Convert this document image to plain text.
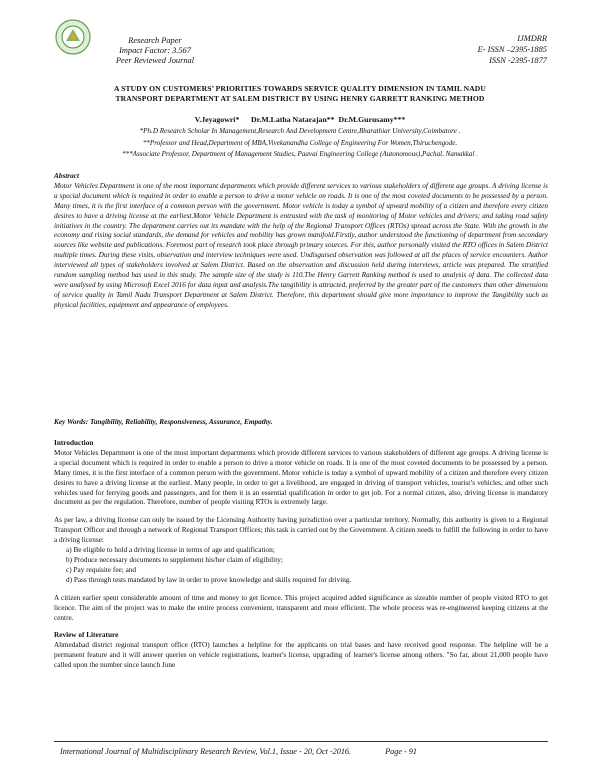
Research Paper
Impact Factor: 3.567
Peer Reviewed Journal
IJMDRR
E- ISSN –2395-1885
ISSN -2395-1877
A STUDY ON CUSTOMERS’ PRIORITIES TOWARDS SERVICE QUALITY DIMENSION IN TAMIL NADU
TRANSPORT DEPARTMENT AT SALEM DISTRICT BY USING HENRY GARRETT RANKING METHOD
V.Jeyagowri*      Dr.M.Latha Natarajan**  Dr.M.Gurusamy***
*Ph.D Research Scholar In Management,Research And Development Centre,Bharathiar University,Coimbatore .
**Professor and Head,Department of MBA,Vivekanandha College of Engineering For Women,Thiruchengode.
***Associate Professor, Department of Management Studies, Paavai Engineering College (Autonomous),Pachal, Namakkal .
Abstract

Motor Vehicles Department is one of the most important departments which provide different services to various stakeholders of different age groups. A driving license is a special document which is required in order to enable a person to drive a motor vehicle on roads. It is one of the most coveted documents to be possessed by a person. Many times, it is the first interface of a common person with the government. Motor vehicle is today a symbol of upward mobility of a citizen and therefore every citizen desires to have a driving license at the earliest.Motor Vehicle Department is entrusted with the task of monitoring of Motor vehicles and drivers; and taking road safety initiatives in the country. The department carries out its mandate with the help of the Regional Transport Offices (RTOs) spread across the State. With the growth in the economy and rising social standards, the demand for vehicles and mobility has grown manifold.Firstly, author understood the functioning of department from secondary sources like website and publications. Foremost part of research took place through primary sources. For this, author personally visited the RTO offices in Salem District multiple times. During these visits, observation and interview techniques were used. Undisguised observation was followed at all the places of service encounters. Author interviewed all types of stakeholders involved at Salem District. Based on the observation and discussion held during interviews, article was prepared. The stratified random sampling method has used in this study. The sample size of the study is 110.The Henry Garrett Ranking method is used to analysis of data. The collected data were analysed by using Microsoft Excel 2016 for data input and analysis.The tangibility is attracted, preferred by the greater part of the customers than other dimensions of service quality in Tamil Nadu Transport Department at Salem District. Therefore, this department should give more importance to improve the Tangibility such as physical facilities, equipment and appearance of employees.

Key Words: Tangibility, Reliability, Responsiveness, Assurance, Empathy.
Introduction

Motor Vehicles Department is one of the most important departments which provide different services to various stakeholders of different age groups. A driving license is a special document which is required in order to enable a person to drive a motor vehicle on roads. It is one of the most coveted documents to be possessed by a person. Many times, it is the first interface of a common person with the government. Motor vehicle is today a symbol of upward mobility of a citizen and therefore every citizen desires to have a driving license at the earliest. Many people, in order to get a livelihood, are engaged in driving of transport vehicles, tourist’s vehicles, and other such vehicles used for ferrying goods and passengers, and for them it is an essential qualification in order to get job. For a normal citizen, also, driving license is mandatory document as per the regulation. Therefore, number of people visiting RTOs is extremely large.

As per law, a driving license can only be issued by the Licensing Authority having jurisdiction over a particular territory. Normally, this authority is given to a Regional Transport Officer and through a network of Regional Transport Offices; this task is carried out by the Government. A citizen needs to fulfill the following in order to have a driving license:

a) Be eligible to hold a driving license in terms of age and qualification;

b) Produce necessary documents to supplement his/her claim of eligibility;

c) Pay requisite fee; and

d) Pass through tests mandated by law in order to prove knowledge and skills required for driving.

A citizen earlier spent considerable amount of time and money to get licence. This project acquired added significance as sizeable number of people visited RTO to get licence. The aim of the project was to make the entire process convenient, transparent and more efficient. The whole process was re-engineered keeping citizens at the centre.

Review of Literature

Ahmedabad district regional transport office (RTO) launches a helpline for the applicants on trial bases and have received good response. The helpline will be a permanent feature and it will answer queries on vehicle registrations, learner's license, upgrading of learner's license among others. "So far, about 21,000 people have called upon the number since launch June

International Journal of Multidisciplinary Research Review, Vol.1, Issue - 20, Oct -2016.	Page - 91
